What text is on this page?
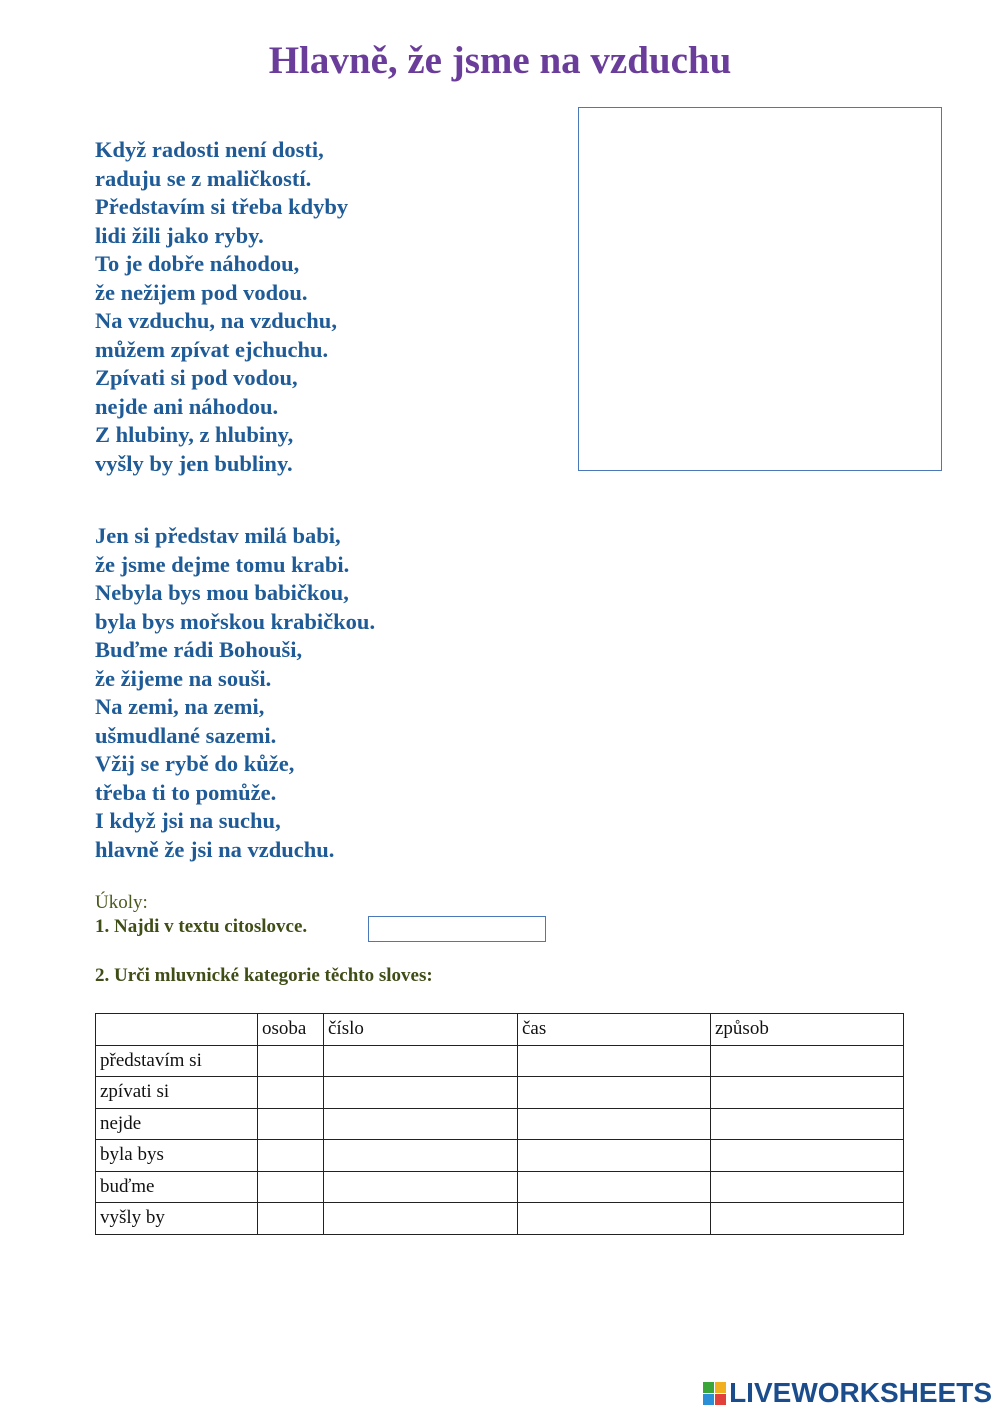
Hlavně, že jsme na vzduchu
Když radosti není dosti,
raduju se z maličkostí.
Představím si třeba kdyby
lidi žili jako ryby.
To je dobře náhodou,
že nežijem pod vodou.
Na vzduchu, na vzduchu,
můžem zpívat ejchuchu.
Zpívati si pod vodou,
nejde ani náhodou.
Z hlubiny, z hlubiny,
vyšly by jen bubliny.
Jen si představ milá babi,
že jsme dejme tomu krabi.
Nebyla bys mou babičkou,
byla bys mořskou krabičkou.
Buďme rádi Bohouši,
že žijeme na souši.
Na zemi, na zemi,
ušmudlané sazemi.
Vžij se rybě do kůže,
třeba ti to pomůže.
I když jsi na suchu,
hlavně že jsi na vzduchu.
Úkoly:
1. Najdi v textu citoslovce.
2. Urči mluvnické kategorie těchto sloves:
	osoba	číslo	čas	způsob
představím si				
zpívati si				
nejde				
byla bys				
buďme				
vyšly by				
LIVEWORKSHEETS
